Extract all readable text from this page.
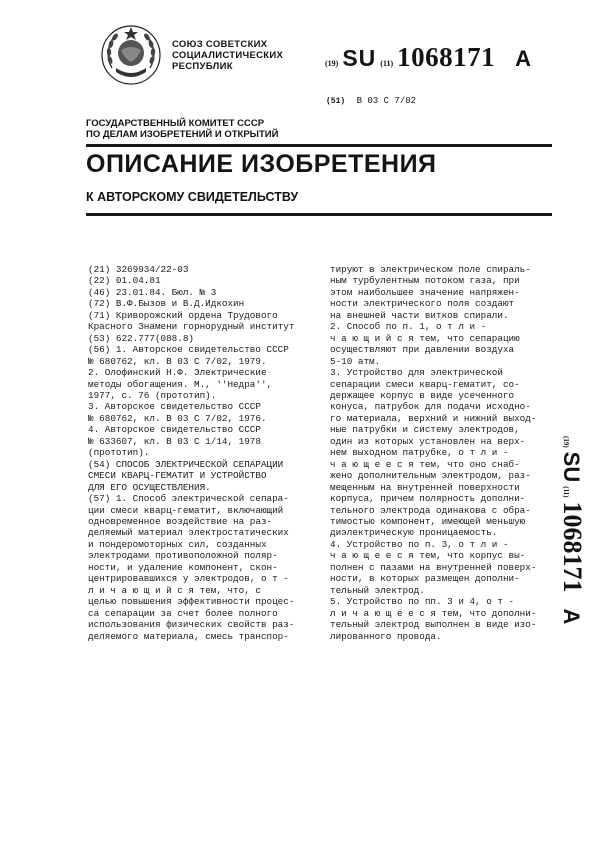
СОЮЗ СОВЕТСКИХ
СОЦИАЛИСТИЧЕСКИХ
РЕСПУБЛИК	(19) SU (11) 1068171 A
(51) B 03 C 7/02
ГОСУДАРСТВЕННЫЙ КОМИТЕТ СССР
ПО ДЕЛАМ ИЗОБРЕТЕНИЙ И ОТКРЫТИЙ
ОПИСАНИЕ ИЗОБРЕТЕНИЯ
К АВТОРСКОМУ СВИДЕТЕЛЬСТВУ
(21) 3269934/22-03
(22) 01.04.81
(46) 23.01.84. Бюл. № 3
(72) В.Ф.Бызов и В.Д.Идкохин
(71) Криворожский ордена Трудового
Красного Знамени горнорудный институт
(53) 622.777(088.8)
(56) 1. Авторское свидетельство СССР
№ 680762, кл. В 03 С 7/02, 1979.
2. Олофинский Н.Ф. Электрические
методы обогащения. М., ''Недра'',
1977, с. 76 (прототип).
3. Авторское свидетельство СССР
№ 680762, кл. В 03 С 7/02, 1976.
4. Авторское свидетельство СССР
№ 633607, кл. В 03 С 1/14, 1978
(прототип).
(54) СПОСОБ ЭЛЕКТРИЧЕСКОЙ СЕПАРАЦИИ
СМЕСИ КВАРЦ-ГЕМАТИТ И УСТРОЙСТВО
ДЛЯ ЕГО ОСУЩЕСТВЛЕНИЯ.
(57) 1. Способ электрической сепара-
ции смеси кварц-гематит, включающий
одновременное воздействие на раз-
деляемый материал электростатических
и пондеромоторных сил, созданных
электродами противоположной поляр-
ности, и удаление компонент, скон-
центрировавшихся у электродов, о т -
л и ч а ю щ и й с я тем, что, с
целью повышения эффективности процес-
са сепарации за счет более полного
использования физических свойств раз-
деляемого материала, смесь транспор-
тируют в электрическом поле спираль-
ным турбулентным потоком газа, при
этом наибольшее значение напряжен-
ности электрического поля создают
на внешней части витков спирали.
2. Способ по п. 1, о т л и -
ч а ю щ и й с я тем, что сепарацию
осуществляют при давлении воздуха
5-10 атм.
3. Устройство для электрической
сепарации смеси кварц-гематит, со-
держащее корпус в виде усеченного
конуса, патрубок для подачи исходно-
го материала, верхний и нижний выход-
ные патрубки и систему электродов,
один из которых установлен на верх-
нем выходном патрубке, о т л и -
ч а ю щ е е с я тем, что оно снаб-
жено дополнительным электродом, раз-
мещенным на внутренней поверхности
корпуса, причем полярность дополни-
тельного электрода одинакова с обра-
тимостью компонент, имеющей меньшую
диэлектрическую проницаемость.
4. Устройство по п. 3, о т л и -
ч а ю щ е е с я тем, что корпус вы-
полнен с пазами на внутренней поверх-
ности, в которых размещен дополни-
тельный электрод.
5. Устройство по пп. 3 и 4, о т -
л и ч а ю щ е е с я тем, что дополни-
тельный электрод выполнен в виде изо-
лированного провода.
(19) SU (11) 1068171 A
